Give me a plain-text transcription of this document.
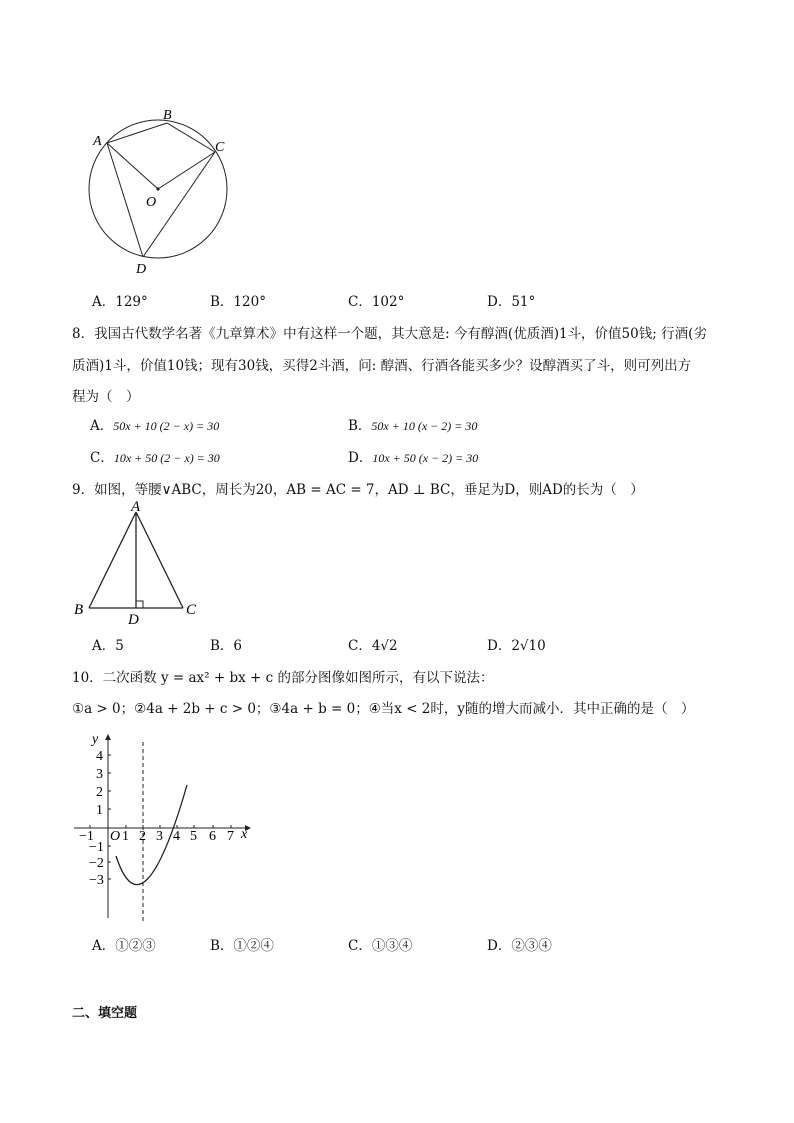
A
B
C
O
D
A．129°	B．120°	C．102°	D．51°
8．我国古代数学名著《九章算术》中有这样一个题，其大意是: 今有醇酒(优质酒)1斗，价值50钱; 行酒(劣
质酒)1斗，价值10钱；现有30钱，买得2斗酒，问: 醇酒、行酒各能买多少？设醇酒买了斗，则可列出方
程为（　）
A．50x + 10 (2 − x) = 30	B．50x + 10 (x − 2) = 30
C．10x + 50 (2 − x) = 30	D．10x + 50 (x − 2) = 30
9．如图，等腰∨ABC，周长为20，AB = AC = 7，AD ⊥ BC，垂足为D，则AD的长为（　）
A
B	C
D
A．5	B．6	C．4√2	D．2√10
10．二次函数 y = ax² + bx + c 的部分图像如图所示，有以下说法：
①a > 0；②4a + 2b + c > 0；③4a + b = 0；④当x < 2时，y随的增大而减小．其中正确的是（　）
y
x
O
−1 1 2 3 4 5 6 7
4
3
2
1
−1
−2
−3
A．①②③	B．①②④	C．①③④	D．②③④
二、填空题
